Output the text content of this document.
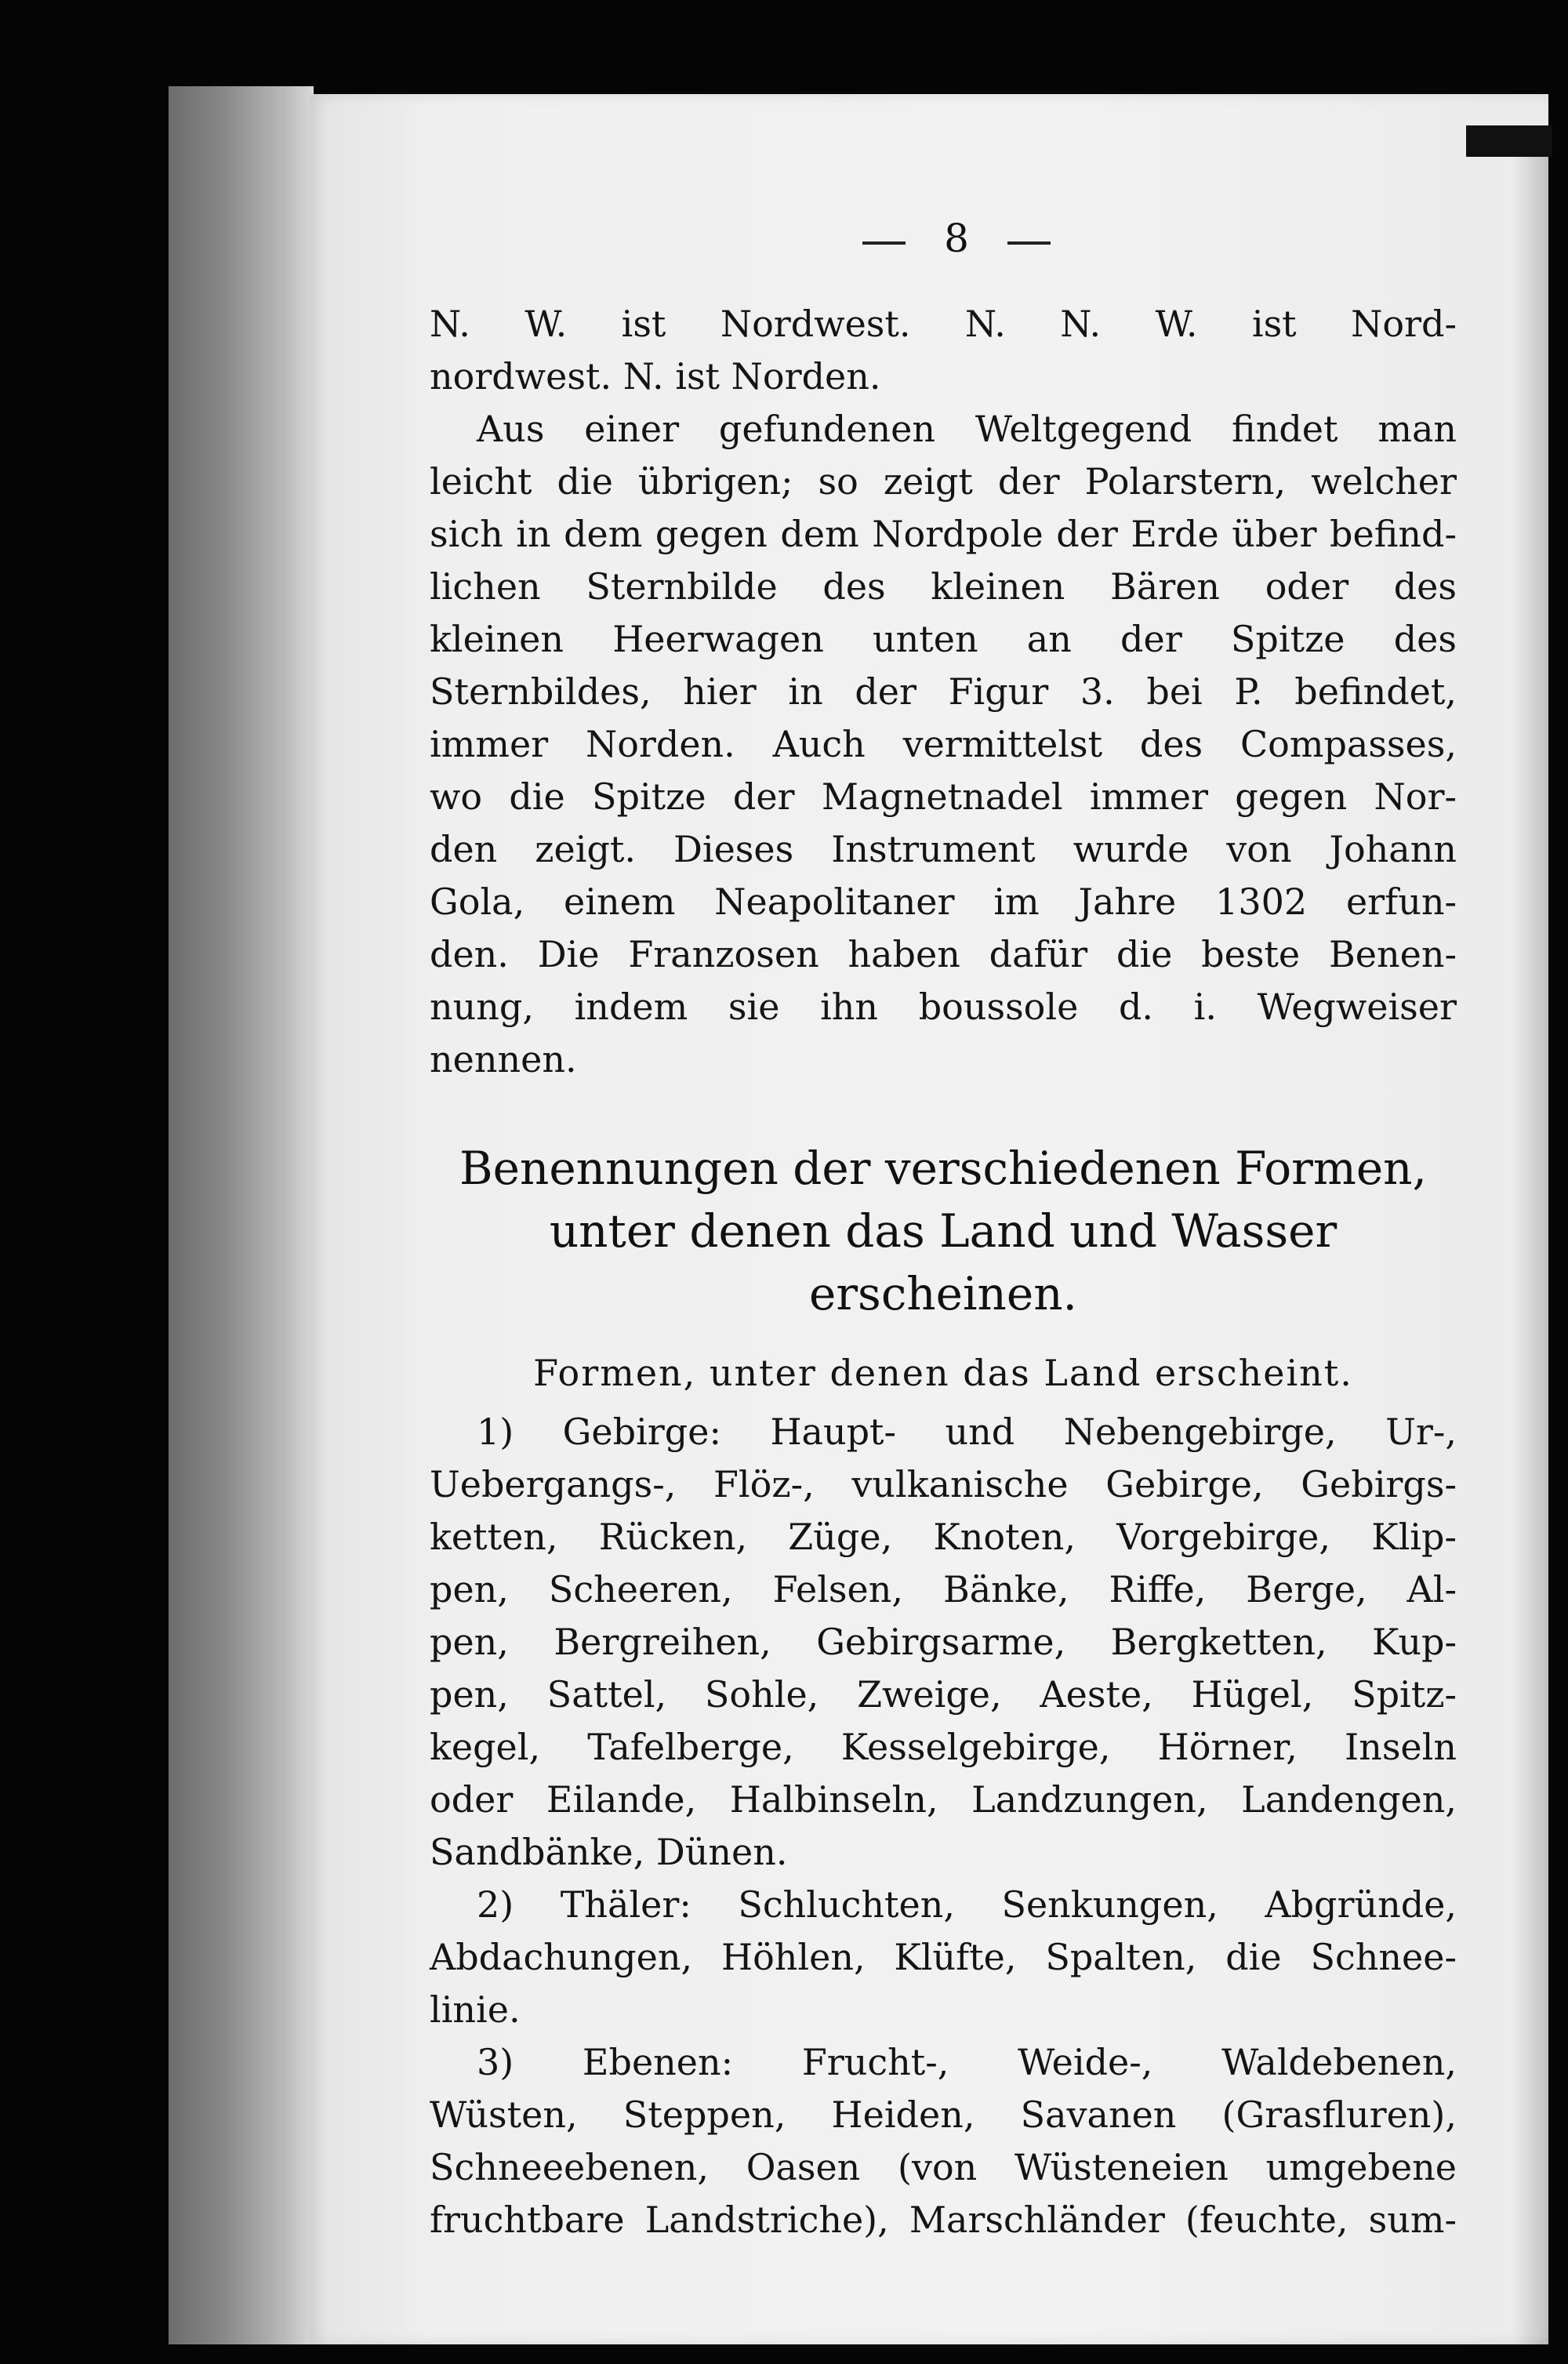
8
N. W. ist Nordwest. N. N. W. ist Nord-
nordwest. N. ist Norden.
Aus einer gefundenen Weltgegend findet man
leicht die übrigen; so zeigt der Polarstern, welcher
sich in dem gegen dem Nordpole der Erde über befind-
lichen Sternbilde des kleinen Bären oder des
kleinen Heerwagen unten an der Spitze des
Sternbildes, hier in der Figur 3. bei P. befindet,
immer Norden. Auch vermittelst des Compasses,
wo die Spitze der Magnetnadel immer gegen Nor-
den zeigt. Dieses Instrument wurde von Johann
Gola, einem Neapolitaner im Jahre 1302 erfun-
den. Die Franzosen haben dafür die beste Benen-
nung, indem sie ihn boussole d. i. Wegweiser
nennen.
Benennungen der verschiedenen Formen,
unter denen das Land und Wasser
erscheinen.
Formen, unter denen das Land erscheint.
1) Gebirge: Haupt- und Nebengebirge, Ur-,
Uebergangs-, Flöz-, vulkanische Gebirge, Gebirgs-
ketten, Rücken, Züge, Knoten, Vorgebirge, Klip-
pen, Scheeren, Felsen, Bänke, Riffe, Berge, Al-
pen, Bergreihen, Gebirgsarme, Bergketten, Kup-
pen, Sattel, Sohle, Zweige, Aeste, Hügel, Spitz-
kegel, Tafelberge, Kesselgebirge, Hörner, Inseln
oder Eilande, Halbinseln, Landzungen, Landengen,
Sandbänke, Dünen.
2) Thäler: Schluchten, Senkungen, Abgründe,
Abdachungen, Höhlen, Klüfte, Spalten, die Schnee-
linie.
3) Ebenen: Frucht-, Weide-, Waldebenen,
Wüsten, Steppen, Heiden, Savanen (Grasfluren),
Schneeebenen, Oasen (von Wüsteneien umgebene
fruchtbare Landstriche), Marschländer (feuchte, sum-
